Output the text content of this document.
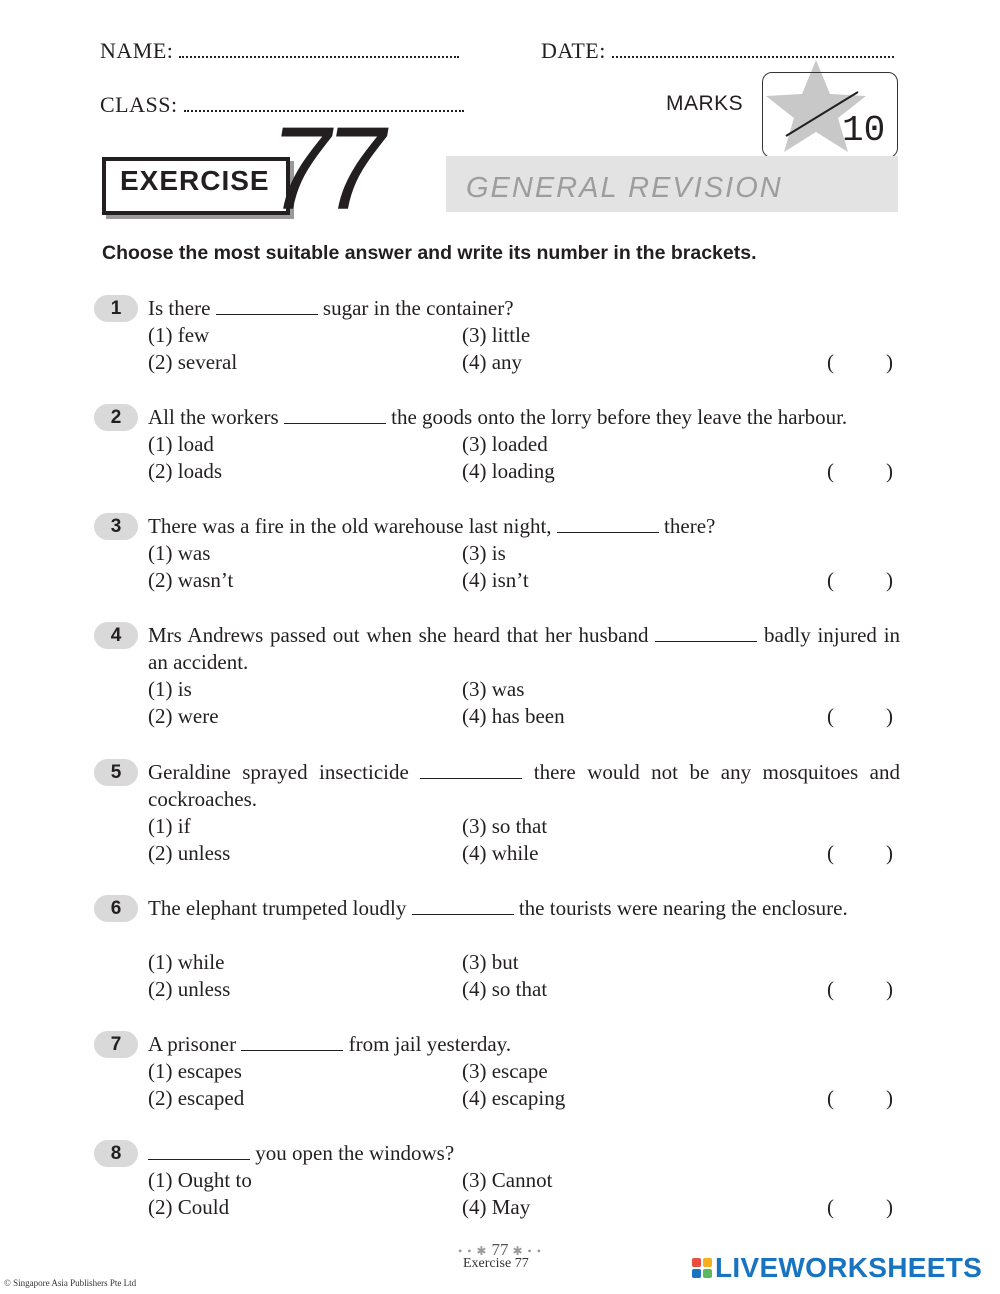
NAME:	DATE:
CLASS:	MARKS
10
EXERCISE	GENERAL REVISION
77
Choose the most suitable answer and write its number in the brackets.
1	Is there	sugar in the container?
(1) few	(3) little
(2) several	(4) any	( )
2	All the workers	the goods onto the lorry before they leave the harbour.
(1) load	(3) loaded
(2) loads	(4) loading	( )
3	There was a fire in the old warehouse last night,	there?
(1) was	(3) is
(2) wasn’t	(4) isn’t	( )
4	Mrs Andrews passed out when she heard that her husband	badly injured in an accident.
(1) is	(3) was
(2) were	(4) has been	( )
5	Geraldine sprayed insecticide	there would not be any mosquitoes and cockroaches.
(1) if	(3) so that
(2) unless	(4) while	( )
6	The elephant trumpeted loudly	the tourists were nearing the enclosure.
(1) while	(3) but
(2) unless	(4) so that	( )
7	A prisoner	from jail yesterday.
(1) escapes	(3) escape
(2) escaped	(4) escaping	( )
8	you open the windows?
(1) Ought to	(3) Cannot
(2) Could	(4) May	( )
• • ✱ 77 ✱ • •
Exercise 77
© Singapore Asia Publishers Pte Ltd	LIVEWORKSHEETS
